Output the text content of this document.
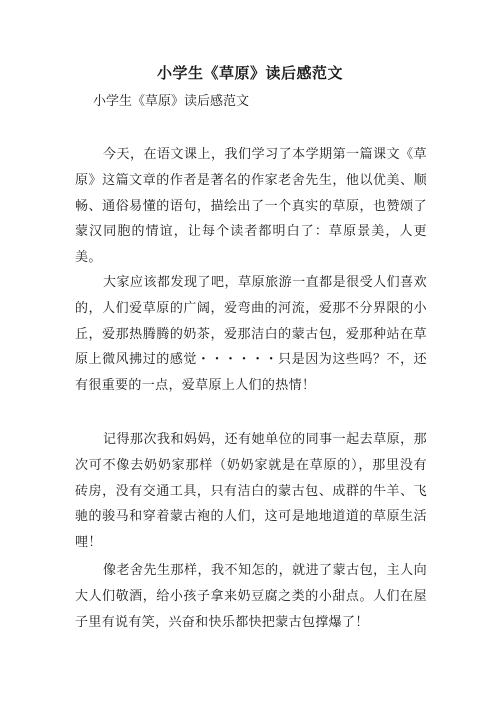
小学生《草原》读后感范文
小学生《草原》读后感范文
今天，在语文课上，我们学习了本学期第一篇课文《草原》这篇文章的作者是著名的作家老舍先生，他以优美、顺畅、通俗易懂的语句，描绘出了一个真实的草原，也赞颂了蒙汉同胞的情谊，让每个读者都明白了：草原景美，人更美。
大家应该都发现了吧，草原旅游一直都是很受人们喜欢的，人们爱草原的广阔，爱弯曲的河流，爱那不分界限的小丘，爱那热腾腾的奶茶，爱那洁白的蒙古包，爱那种站在草原上微风拂过的感觉・・・・・・只是因为这些吗？不，还有很重要的一点，爱草原上人们的热情！
记得那次我和妈妈，还有她单位的同事一起去草原，那次可不像去奶奶家那样（奶奶家就是在草原的），那里没有砖房，没有交通工具，只有洁白的蒙古包、成群的牛羊、飞驰的骏马和穿着蒙古袍的人们，这可是地地道道的草原生活哩！
像老舍先生那样，我不知怎的，就进了蒙古包，主人向大人们敬酒，给小孩子拿来奶豆腐之类的小甜点。人们在屋子里有说有笑，兴奋和快乐都快把蒙古包撑爆了！
